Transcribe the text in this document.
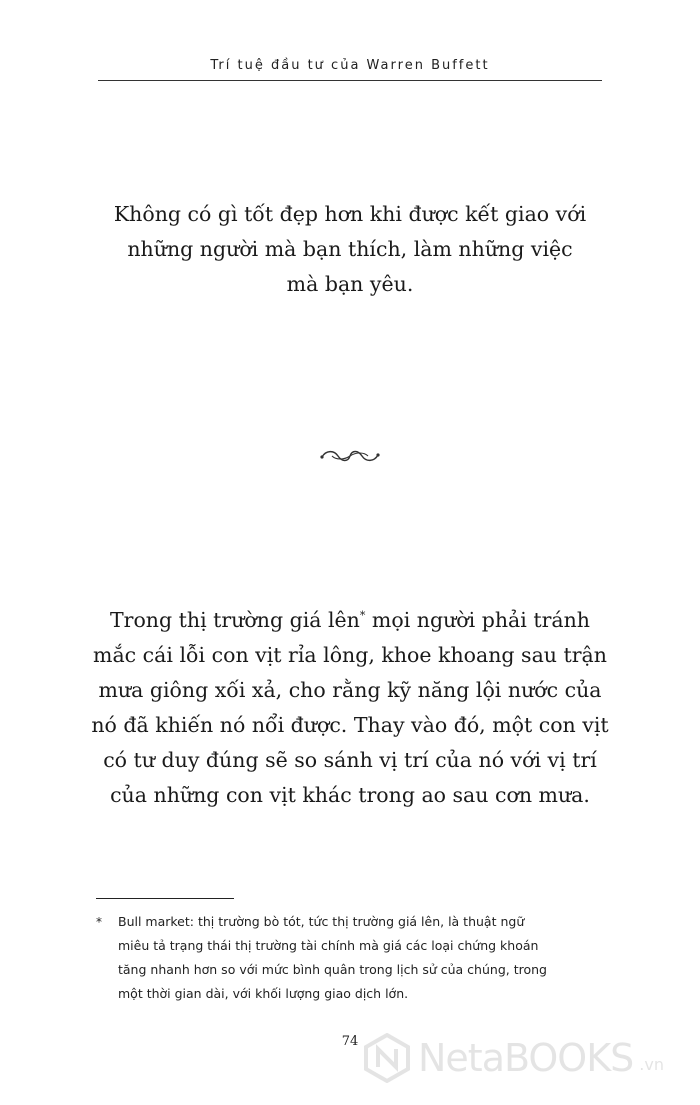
Trí tuệ đầu tư của Warren Buffett
Không có gì tốt đẹp hơn khi được kết giao với
những người mà bạn thích, làm những việc
mà bạn yêu.
Trong thị trường giá lên* mọi người phải tránh
mắc cái lỗi con vịt rỉa lông, khoe khoang sau trận
mưa giông xối xả, cho rằng kỹ năng lội nước của
nó đã khiến nó nổi được. Thay vào đó, một con vịt
có tư duy đúng sẽ so sánh vị trí của nó với vị trí
của những con vịt khác trong ao sau cơn mưa.
*	Bull market: thị trường bò tót, tức thị trường giá lên, là thuật ngữ
miêu tả trạng thái thị trường tài chính mà giá các loại chứng khoán
tăng nhanh hơn so với mức bình quân trong lịch sử của chúng, trong
một thời gian dài, với khối lượng giao dịch lớn.
74	NetaBOOKS .vn
